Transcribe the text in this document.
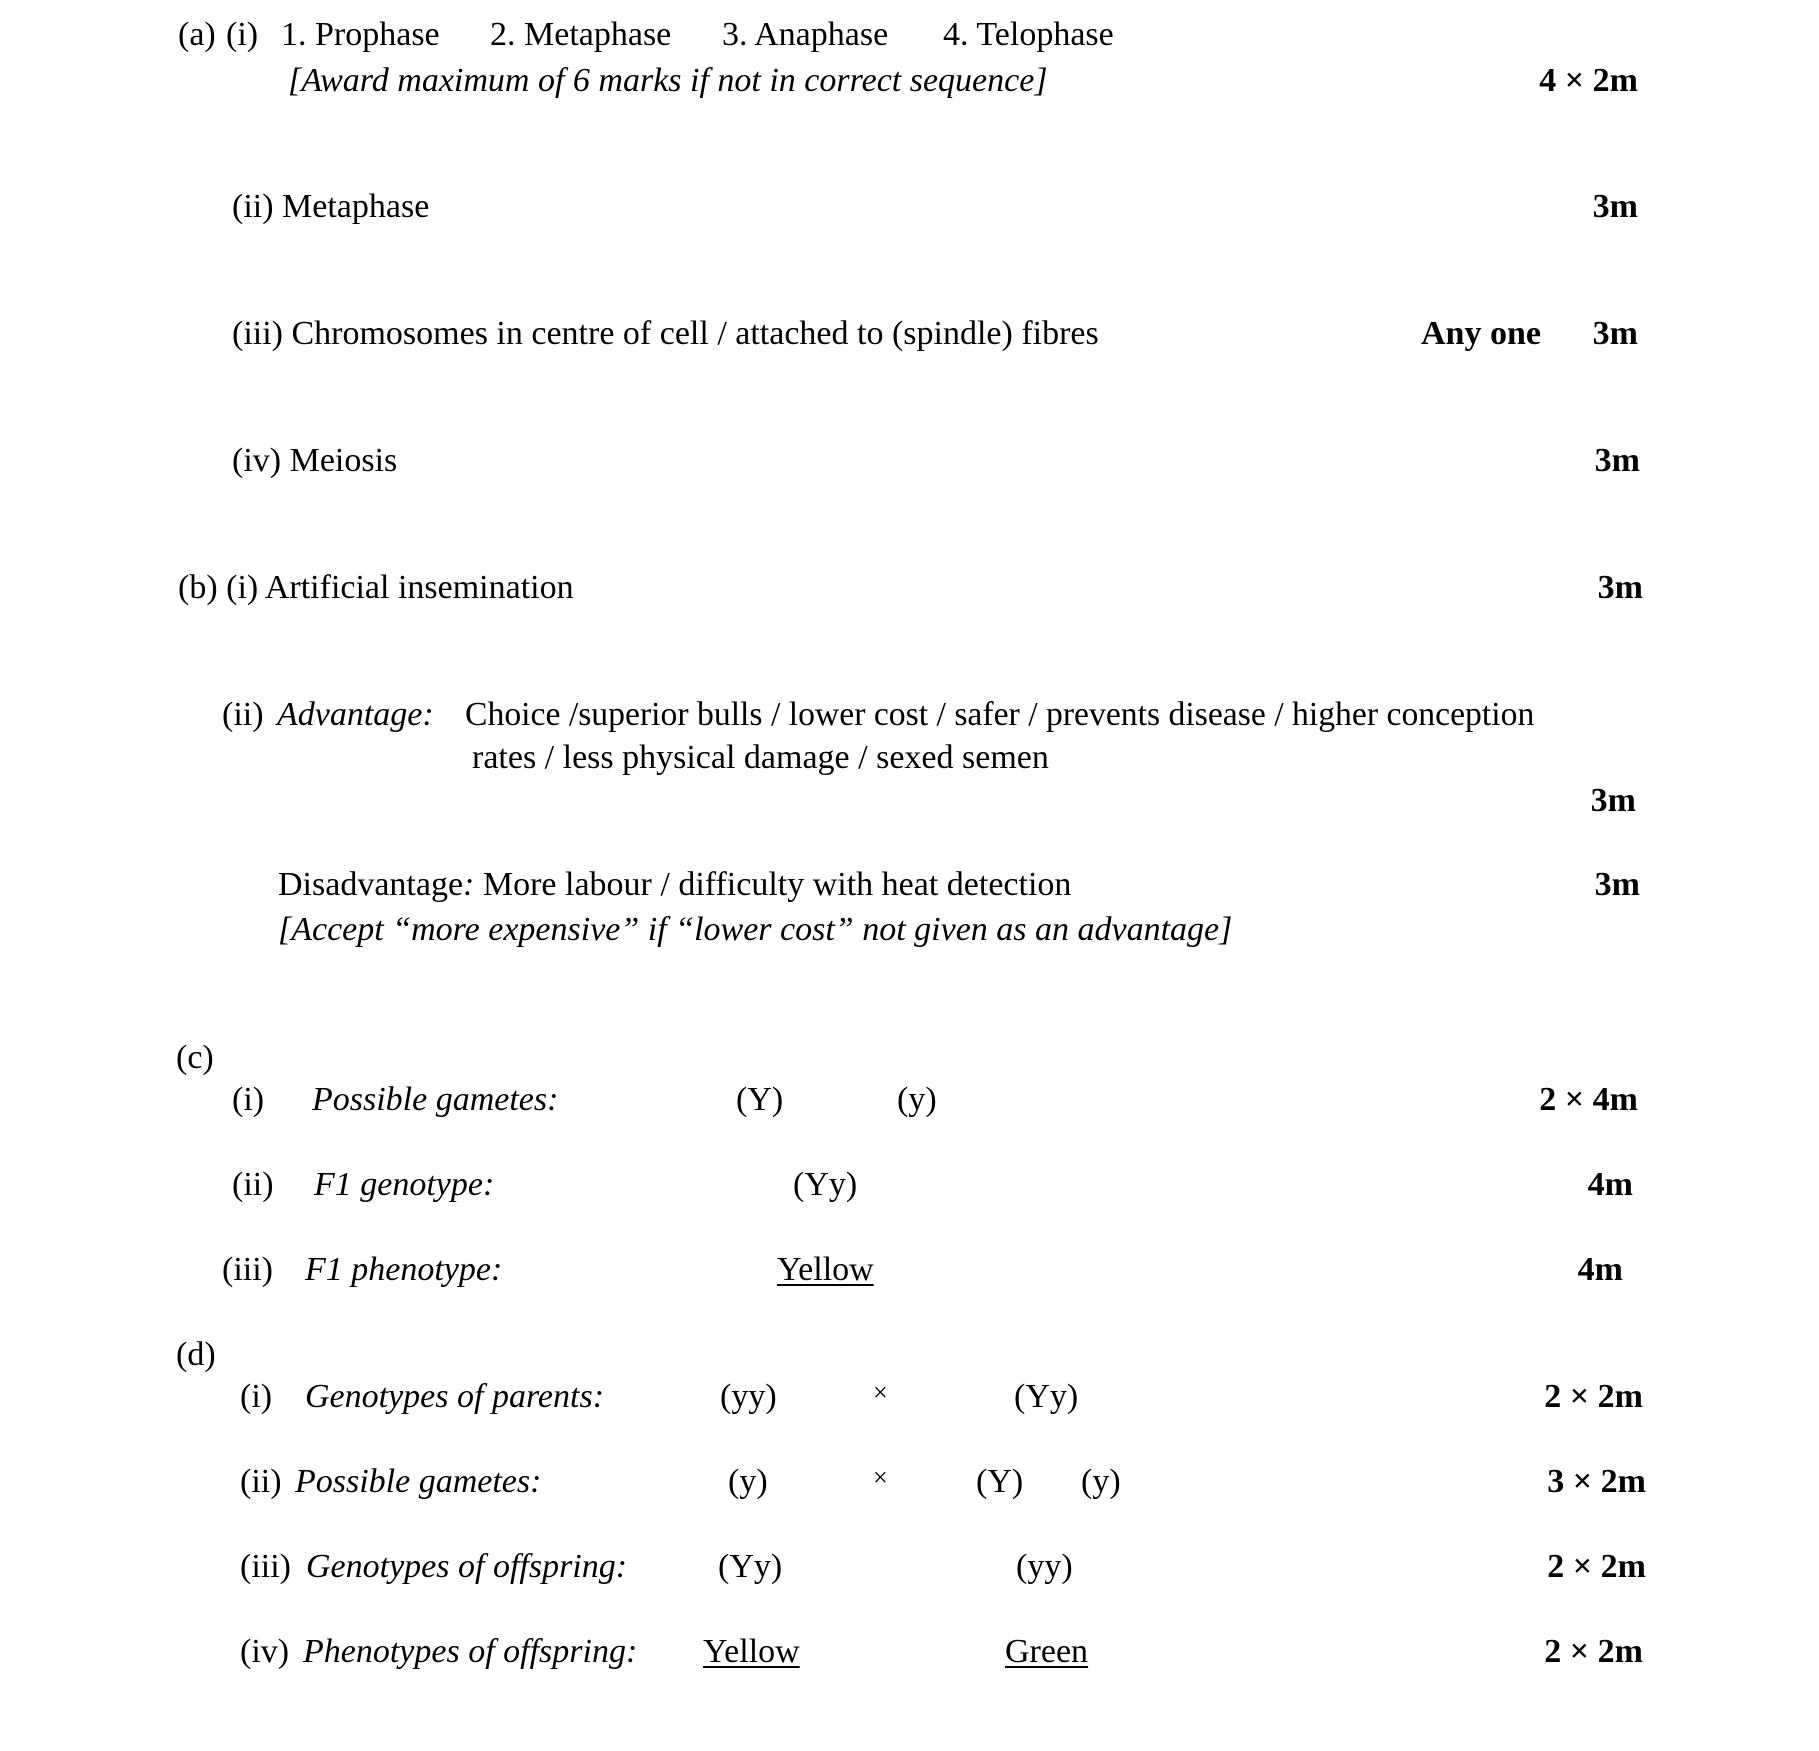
(a) (i) 1. Prophase 2. Metaphase 3. Anaphase 4. Telophase
[Award maximum of 6 marks if not in correct sequence]	4 × 2m
(ii) Metaphase	3m
(iii) Chromosomes in centre of cell / attached to (spindle) fibres	Any one	3m
(iv) Meiosis	3m
(b) (i) Artificial insemination	3m
(ii) Advantage: Choice /superior bulls / lower cost / safer / prevents disease / higher conception
rates / less physical damage / sexed semen
3m
Disadvantage: More labour / difficulty with heat detection	3m
[Accept “more expensive” if “lower cost” not given as an advantage]
(c)
(i) Possible gametes:	(Y)	(y)	2 × 4m
(ii) F1 genotype:	(Yy)	4m
(iii) F1 phenotype:	Yellow	4m
(d)
(i) Genotypes of parents:	(yy)	×	(Yy)	2 × 2m
(ii) Possible gametes:	(y)	×	(Y) (y)	3 × 2m
(iii) Genotypes of offspring:	(Yy)	(yy)	2 × 2m
(iv) Phenotypes of offspring: Yellow	Green	2 × 2m
